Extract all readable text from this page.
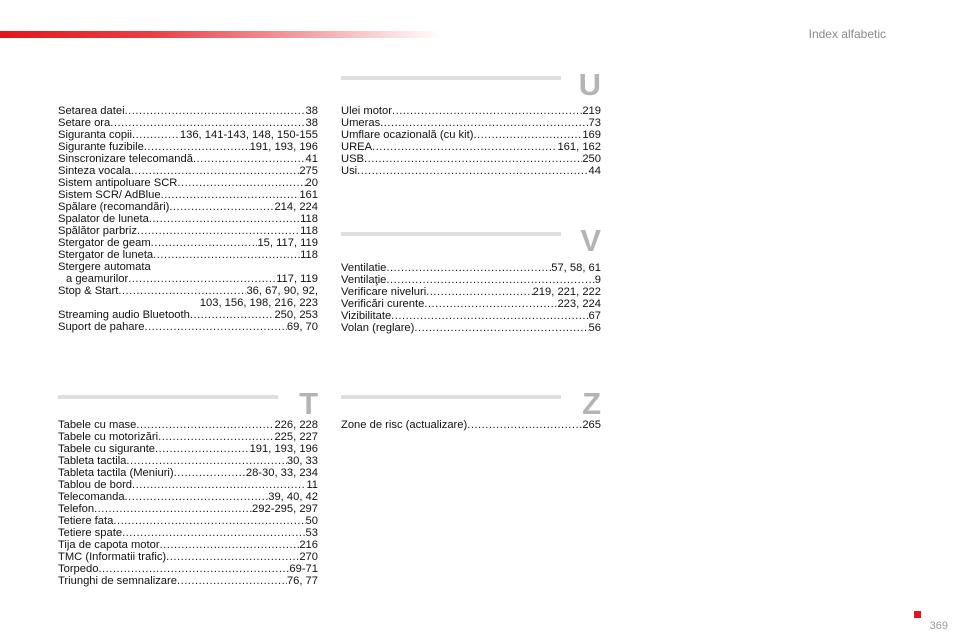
Index alfabetic
U
V
T	Z
Setarea datei .....	38
Setare ora .....	38
Siguranta copii .....	136, 141-143, 148, 150-155
Sigurante fuzibile .....	191, 193, 196
Sinscronizare telecomandă .....	41
Sinteza vocala .....	275
Sistem antipoluare SCR .....	20
Sistem SCR/ AdBlue .....	161
Spălare (recomandări) .....	214, 224
Spalator de luneta .....	118
Spălător parbriz .....	118
Stergator de geam .....	15, 117, 119
Stergator de luneta .....	118
Stergere automata
a geamurilor .....	117, 119
Stop & Start .....	36, 67, 90, 92,
103, 156, 198, 216, 223
Streaming audio Bluetooth .....	250, 253
Suport de pahare .....	69, 70
Tabele cu mase .....	226, 228
Tabele cu motorizări .....	225, 227
Tabele cu sigurante .....	191, 193, 196
Tableta tactila .....	30, 33
Tableta tactila (Meniuri) .....	28-30, 33, 234
Tablou de bord .....	11
Telecomanda .....	39, 40, 42
Telefon .....	292-295, 297
Tetiere fata .....	50
Tetiere spate .....	53
Tija de capota motor .....	216
TMC (Informatii trafic) .....	270
Torpedo .....	69-71
Triunghi de semnalizare .....	76, 77
Ulei motor .....	219
Umeras .....	73
Umflare ocazională (cu kit) .....	169
UREA .....	161, 162
USB .....	250
Usi .....	44
Ventilatie .....	57, 58, 61
Ventilaţie .....	9
Verificare niveluri .....	219, 221, 222
Verificări curente .....	223, 224
Vizibilitate .....	67
Volan (reglare) .....	56
Zone de risc (actualizare) .....	265
369
